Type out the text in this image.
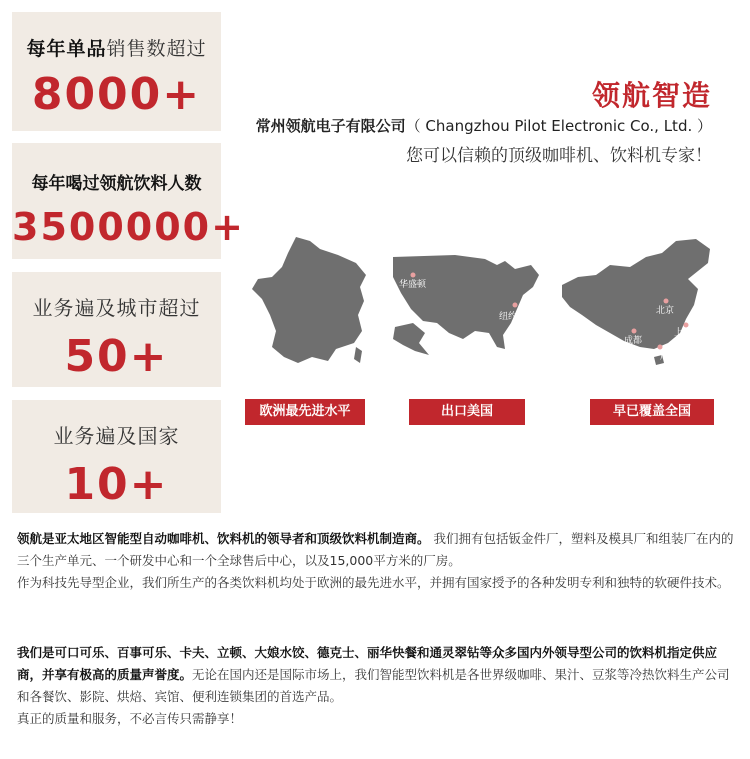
每年单品销售数超过
8000+
每年喝过领航饮料人数
3500000+
业务遍及城市超过
50+
业务遍及国家
10+
领航智造
常州领航电子有限公司（ Changzhou Pilot Electronic Co., Ltd. ）
您可以信赖的顶级咖啡机、饮料机专家！
华盛顿
纽约
北京
上海
成都
广州
欧洲最先进水平	出口美国	早已覆盖全国
领航是亚太地区智能型自动咖啡机、饮料机的领导者和顶级饮料机制造商。 我们拥有包括钣金件厂，塑料及模具厂和组装厂在内的三个生产单元、一个研发中心和一个全球售后中心，以及15,000平方米的厂房。
作为科技先导型企业，我们所生产的各类饮料机均处于欧洲的最先进水平，并拥有国家授予的各种发明专利和独特的软硬件技术。
我们是可口可乐、百事可乐、卡夫、立顿、大娘水饺、德克士、丽华快餐和通灵翠钻等众多国内外领导型公司的饮料机指定供应商，并享有极高的质量声誉度。无论在国内还是国际市场上，我们智能型饮料机是各世界级咖啡、果汁、豆浆等冷热饮料生产公司和各餐饮、影院、烘焙、宾馆、便利连锁集团的首选产品。
真正的质量和服务，不必言传只需静享！
